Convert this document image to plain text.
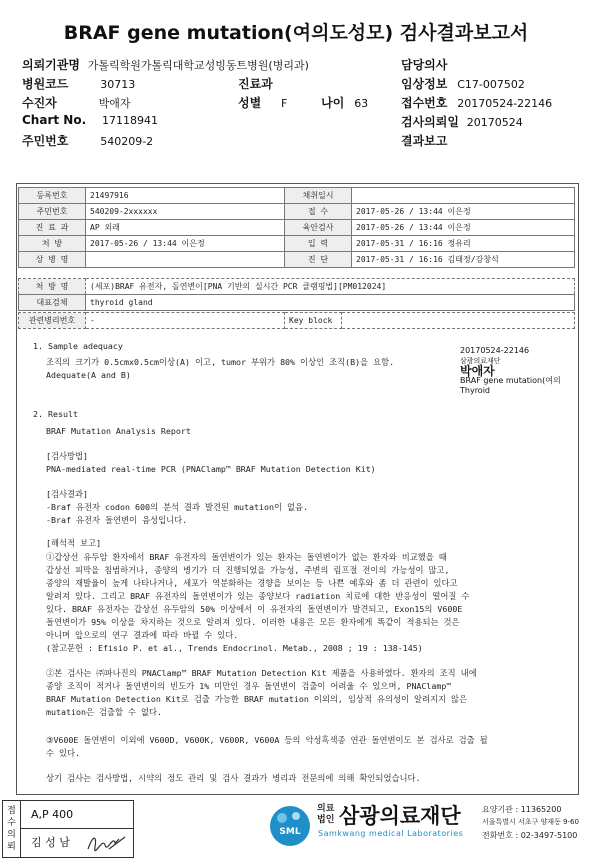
BRAF gene mutation(여의도성모) 검사결과보고서
의뢰기관명 가톨릭학원가톨릭대학교성빙동트병원(병리과)	담당의사
병원코드	30713	진료과	임상정보 C17-007502
수진자	박애자	성별 F	나이 63	접수번호 20170524-22146
Chart No. 17118941	검사의뢰일 20170524
주민번호	540209-2	결과보고
등록번호	21497916	채취일시	
주민번호	540209-2xxxxxx	접 수	2017-05-26 / 13:44 이은정
진 료 과	AP 외래	육안검사	2017-05-26 / 13:44 이은정
처 방	2017-05-26 / 13:44 이은정	입 력	2017-05-31 / 16:16 정유리
상 병 명		진 단	2017-05-31 / 16:16 김태정/강창석
처 방 명	(세포)BRAF 유전자, 돌연변이[PNA 기반의 실시간 PCR 클램핑법][PM012024]
대표검체	thyroid gland
관련병리번호	-	Key block	
20170524-22146
삼광의료재단
박애자
BRAF gene mutation(여의
Thyroid
1. Sample adequacy
조직의 크기가 0.5cmx0.5cm이상(A) 이고, tumor 부위가 80% 이상인 조직(B)을 요함.
Adequate(A and B)
2. Result
BRAF Mutation Analysis Report
[검사방법]
PNA-mediated real-time PCR (PNAClamp™ BRAF Mutation Detection Kit)
[검사결과]
-Braf 유전자 codon 600의 분석 결과 발견된 mutation이 없음.
-Braf 유전자 돌연변이 음성입니다.
[해석적 보고]
①갑상선 유두암 환자에서 BRAF 유전자의 돌연변이가 있는 환자는 돌연변이가 없는 환자와 비교했을 때
갑상선 피막을 침범하거나, 종양의 병기가 더 진행되었을 가능성, 주변의 림프절 전이의 가능성이 많고,
종양의 재발율이 높게 나타나거나, 세포가 역분화하는 경향을 보이는 등 나쁜 예후와 좀 더 관련이 있다고
알려져 있다. 그리고 BRAF 유전자의 돌연변이가 있는 종양보다 radiation 치료에 대한 반응성이 떨어질 수
있다. BRAF 유전자는 갑상선 유두암의 50% 이상에서 이 유전자의 돌연변이가 발견되고, Exon15의 V600E
돌연변이가 95% 이상을 차지하는 것으로 알려져 있다. 이러한 내용은 모든 환자에게 똑같이 적용되는 것은
아니며 앞으로의 연구 결과에 따라 바뀔 수 있다.
(참고문헌 : Efisio P. et al., Trends Endocrinol. Metab., 2008 ; 19 : 138-145)
②본 검사는 ㈜파나진의 PNAClamp™ BRAF Mutation Detection Kit 제품을 사용하였다. 환자의 조직 내에
종양 조직이 적거나 돌연변이의 빈도가 1% 미만인 경우 돌연변이 검출이 어려울 수 있으며, PNAClamp™
BRAF Mutation Detection Kit로 검출 가능한 BRAF mutation 이외의, 임상적 유의성이 알려지지 않은
mutation은 검출할 수 없다.
③V600E 돌연변이 이외에 V600D, V600K, V600R, V600A 등의 악성흑색종 연관 돌연변이도 본 검사로 검출 될
수 있다.
상기 검사는 검사방법, 시약의 정도 관리 및 검사 결과가 병리과 전문의에 의해 확인되었습니다.
접수
의뢰
A,P 400
김 성 남
SML
의료
법인 삼광의료재단
Samkwang medical Laboratories
요양기관 : 11365200
서울특별시 서초구 양재동 9-60
전화번호 : 02-3497-5100
